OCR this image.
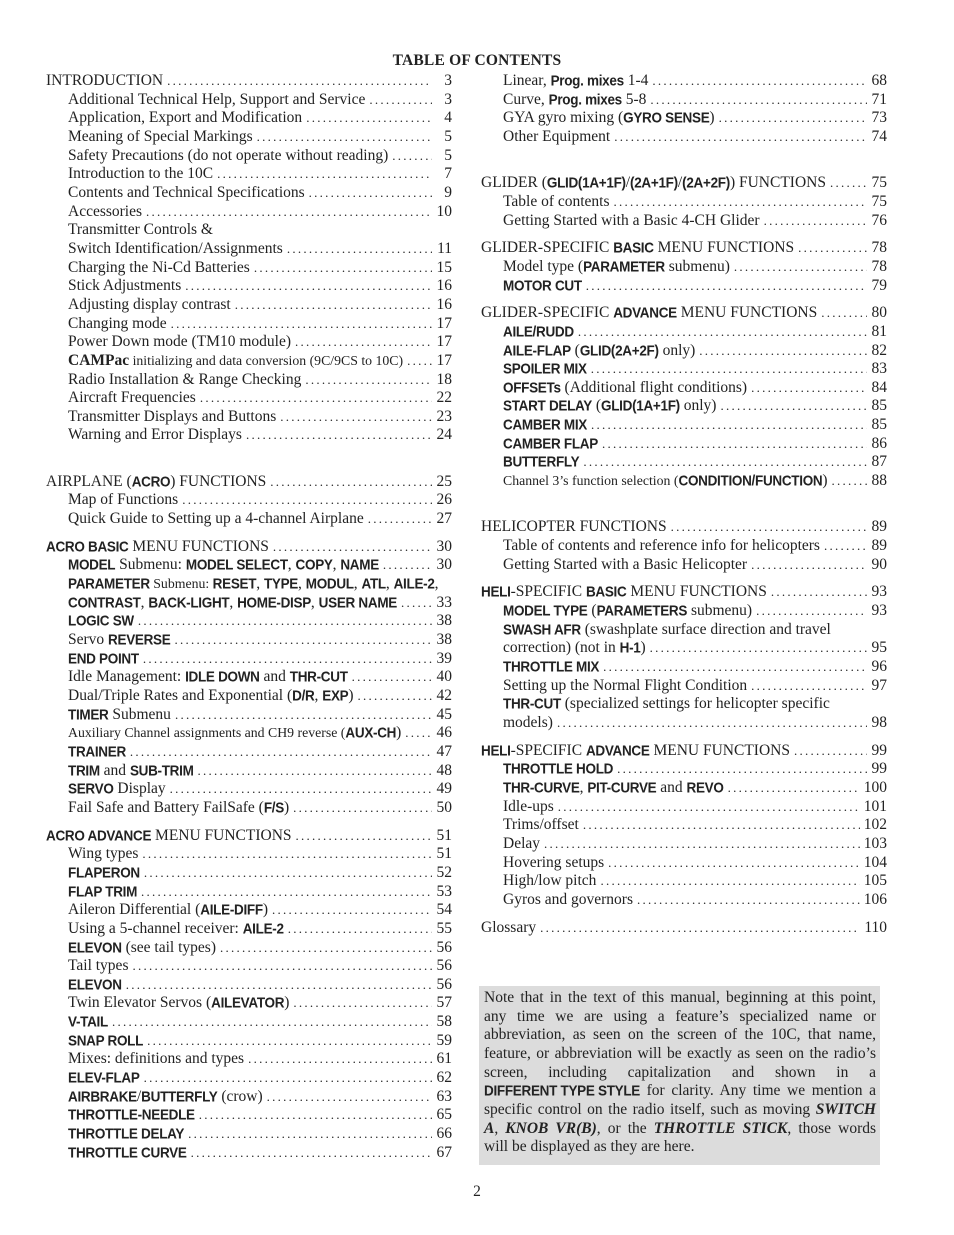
TABLE OF CONTENTS
INTRODUCTION . . .	3
Additional Technical Help, Support and Service . . .	3
Application, Export and Modification . . .	4
Meaning of Special Markings . . .	5
Safety Precautions (do not operate without reading) . . .	5
Introduction to the 10C . . .	7
Contents and Technical Specifications . . .	9
Accessories . . .	10
Transmitter Controls &
Switch Identification/Assignments . . .	11
Charging the Ni-Cd Batteries . . .	15
Stick Adjustments . . .	16
Adjusting display contrast . . .	16
Changing mode . . .	17
Power Down mode (TM10 module) . . .	17
CAMPac initializing and data conversion (9C/9CS to 10C) . . . 17
Radio Installation & Range Checking . . .	18
Aircraft Frequencies . . .	22
Transmitter Displays and Buttons . . .	23
Warning and Error Displays . . .	24
AIRPLANE (ACRO) FUNCTIONS . . .	25
Map of Functions . . .	26
Quick Guide to Setting up a 4-channel Airplane . . .	27
ACRO BASIC MENU FUNCTIONS . . .	30
MODEL Submenu: MODEL SELECT, COPY, NAME . . .	30
PARAMETER Submenu: RESET, TYPE, MODUL, ATL, AILE-2,
CONTRAST, BACK-LIGHT, HOME-DISP, USER NAME . . .	33
LOGIC SW . . .	38
Servo REVERSE . . .	38
END POINT . . .	39
Idle Management: IDLE DOWN and THR-CUT . . .	40
Dual/Triple Rates and Exponential (D/R, EXP) . . .	42
TIMER Submenu . . .	45
Auxiliary Channel assignments and CH9 reverse (AUX-CH) . . . 46
TRAINER . . .	47
TRIM and SUB-TRIM . . .	48
SERVO Display . . .	49
Fail Safe and Battery FailSafe (F/S) . . .	50
ACRO ADVANCE MENU FUNCTIONS . . .	51
Wing types . . .	51
FLAPERON . . .	52
FLAP TRIM . . .	53
Aileron Differential (AILE-DIFF) . . .	54
Using a 5-channel receiver: AILE-2 . . .	55
ELEVON (see tail types) . . .	56
Tail types . . .	56
ELEVON . . .	56
Twin Elevator Servos (AILEVATOR) . . .	57
V-TAIL . . .	58
SNAP ROLL . . .	59
Mixes: definitions and types . . .	61
ELEV-FLAP . . .	62
AIRBRAKE/BUTTERFLY (crow) . . .	63
THROTTLE-NEEDLE . . .	65
THROTTLE DELAY . . .	66
THROTTLE CURVE . . .	67
Linear, Prog. mixes 1-4 . . .	68
Curve, Prog. mixes 5-8 . . .	71
GYA gyro mixing (GYRO SENSE) . . .	73
Other Equipment . . .	74
GLIDER (GLID(1A+1F)/(2A+1F)/(2A+2F)) FUNCTIONS . . .	75
Table of contents . . .	75
Getting Started with a Basic 4-CH Glider . . .	76
GLIDER-SPECIFIC BASIC MENU FUNCTIONS . . .	78
Model type (PARAMETER submenu) . . .	78
MOTOR CUT . . .	79
GLIDER-SPECIFIC ADVANCE MENU FUNCTIONS . . .	80
AILE/RUDD . . .	81
AILE-FLAP (GLID(2A+2F) only) . . .	82
SPOILER MIX . . .	83
OFFSETs (Additional flight conditions) . . .	84
START DELAY (GLID(1A+1F) only) . . .	85
CAMBER MIX . . .	85
CAMBER FLAP . . .	86
BUTTERFLY . . .	87
Channel 3’s function selection (CONDITION/FUNCTION) . . .	88
HELICOPTER FUNCTIONS . . .	89
Table of contents and reference info for helicopters . . .	89
Getting Started with a Basic Helicopter . . .	90
HELI-SPECIFIC BASIC MENU FUNCTIONS . . .	93
MODEL TYPE (PARAMETERS submenu) . . .	93
SWASH AFR (swashplate surface direction and travel
correction) (not in H-1) . . .	95
THROTTLE MIX . . .	96
Setting up the Normal Flight Condition . . .	97
THR-CUT (specialized settings for helicopter specific
models) . . .	98
HELI-SPECIFIC ADVANCE MENU FUNCTIONS . . .	99
THROTTLE HOLD . . .	99
THR-CURVE, PIT-CURVE and REVO . . .	100
Idle-ups . . .	101
Trims/offset . . .	102
Delay . . .	103
Hovering setups . . .	104
High/low pitch . . .	105
Gyros and governors . . .	106
Glossary . . .	110
Note that in the text of this manual, beginning at this point, any time we are using a feature’s specialized name or abbreviation, as seen on the screen of the 10C, that name, feature, or abbreviation will be exactly as seen on the radio’s screen, including capitalization and shown in a DIFFERENT TYPE STYLE for clarity. Any time we mention a specific control on the radio itself, such as moving SWITCH A, KNOB VR(B), or the THROTTLE STICK, those words will be displayed as they are here.
2
